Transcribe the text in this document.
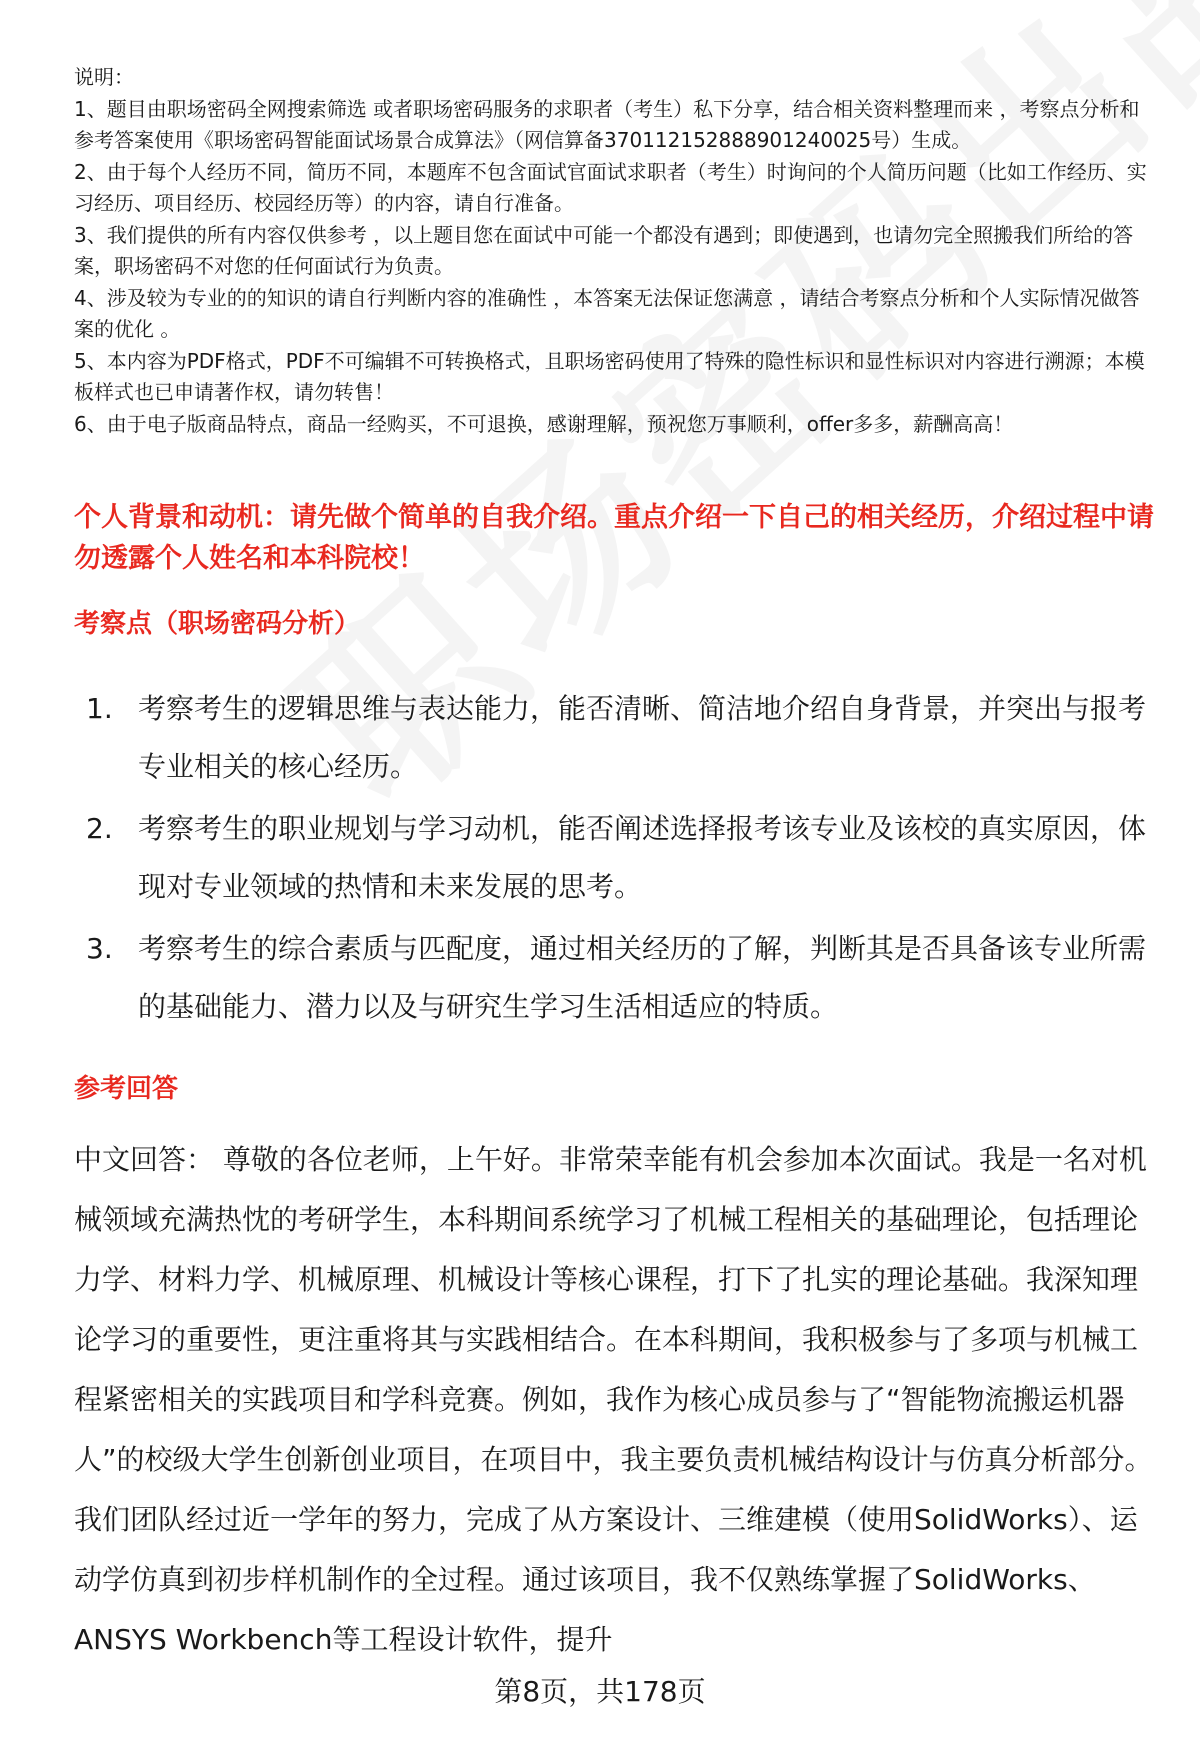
说明：

1、题目由职场密码全网搜索筛选 或者职场密码服务的求职者（考生）私下分享，结合相关资料整理而来 ，考察点分析和参考答案使用《职场密码智能面试场景合成算法》（网信算备370112152888901240025号）生成。

2、由于每个人经历不同，简历不同，本题库不包含面试官面试求职者（考生）时询问的个人简历问题（比如工作经历、实习经历、项目经历、校园经历等）的内容，请自行准备。

3、我们提供的所有内容仅供参考 ，以上题目您在面试中可能一个都没有遇到；即使遇到，也请勿完全照搬我们所给的答案，职场密码不对您的任何面试行为负责。

4、涉及较为专业的的知识的请自行判断内容的准确性 ，本答案无法保证您满意 ，请结合考察点分析和个人实际情况做答案的优化 。

5、本内容为PDF格式，PDF不可编辑不可转换格式，且职场密码使用了特殊的隐性标识和显性标识对内容进行溯源；本模板样式也已申请著作权，请勿转售！

6、由于电子版商品特点，商品一经购买，不可退换，感谢理解，预祝您万事顺利，offer多多，薪酬高高！

个人背景和动机：请先做个简单的自我介绍。重点介绍一下自己的相关经历，介绍过程中请勿透露个人姓名和本科院校！
考察点（职场密码分析）
1. 考察考生的逻辑思维与表达能力，能否清晰、简洁地介绍自身背景，并突出与报考专业相关的核心经历。
2. 考察考生的职业规划与学习动机，能否阐述选择报考该专业及该校的真实原因，体现对专业领域的热情和未来发展的思考。
3. 考察考生的综合素质与匹配度，通过相关经历的了解，判断其是否具备该专业所需的基础能力、潜力以及与研究生学习生活相适应的特质。
参考回答
中文回答： 尊敬的各位老师，上午好。非常荣幸能有机会参加本次面试。我是一名对机械领域充满热忱的考研学生，本科期间系统学习了机械工程相关的基础理论，包括理论力学、材料力学、机械原理、机械设计等核心课程，打下了扎实的理论基础。我深知理论学习的重要性，更注重将其与实践相结合。在本科期间，我积极参与了多项与机械工程紧密相关的实践项目和学科竞赛。例如，我作为核心成员参与了“智能物流搬运机器人”的校级大学生创新创业项目，在项目中，我主要负责机械结构设计与仿真分析部分。我们团队经过近一学年的努力，完成了从方案设计、三维建模（使用SolidWorks）、运动学仿真到初步样机制作的全过程。通过该项目，我不仅熟练掌握了SolidWorks、ANSYS Workbench等工程设计软件，提升
第8页，共178页
